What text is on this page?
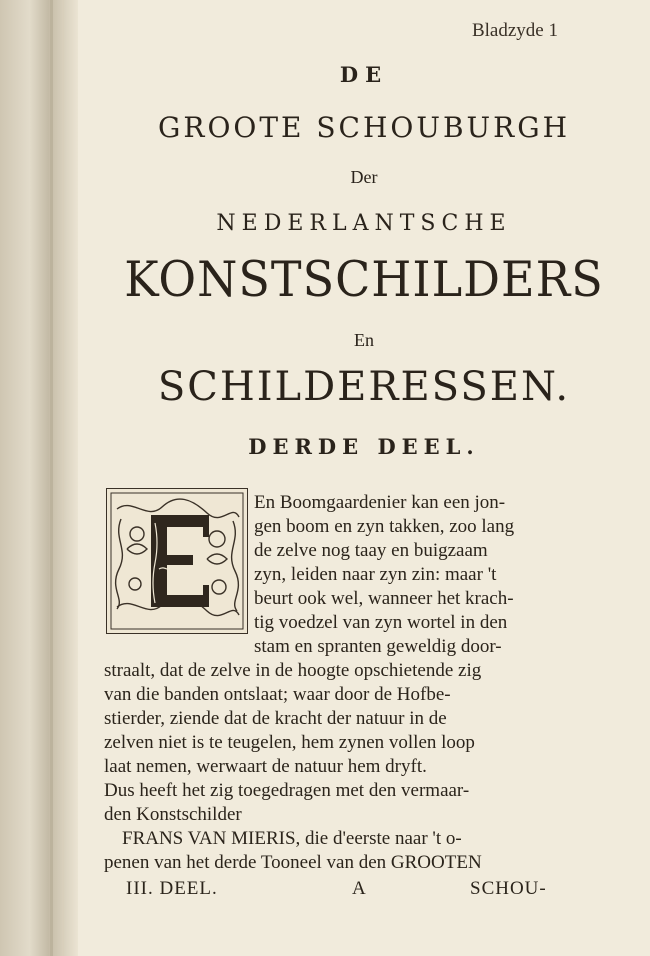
Bladzyde 1
DE
GROOTE SCHOUBURGH
Der
NEDERLANTSCHE
KONSTSCHILDERS
En
SCHILDERESSEN.
DERDE DEEL.
En Boomgaardenier kan een jon-
gen boom en zyn takken, zoo lang
de zelve nog taay en buigzaam
zyn, leiden naar zyn zin: maar 't
beurt ook wel, wanneer het krach-
tig voedzel van zyn wortel in den
stam en spranten geweldig door-
straalt, dat de zelve in de hoogte opschietende zig
van die banden ontslaat; waar door de Hofbe-
stierder, ziende dat de kracht der natuur in de
zelven niet is te teugelen, hem zynen vollen loop
laat nemen, werwaart de natuur hem dryft.
Dus heeft het zig toegedragen met den vermaar-
den Konstschilder
FRANS VAN MIERIS, die d'eerste naar 't o-
penen van het derde Tooneel van den GROOTEN
III. DEEL.	A	SCHOU-
